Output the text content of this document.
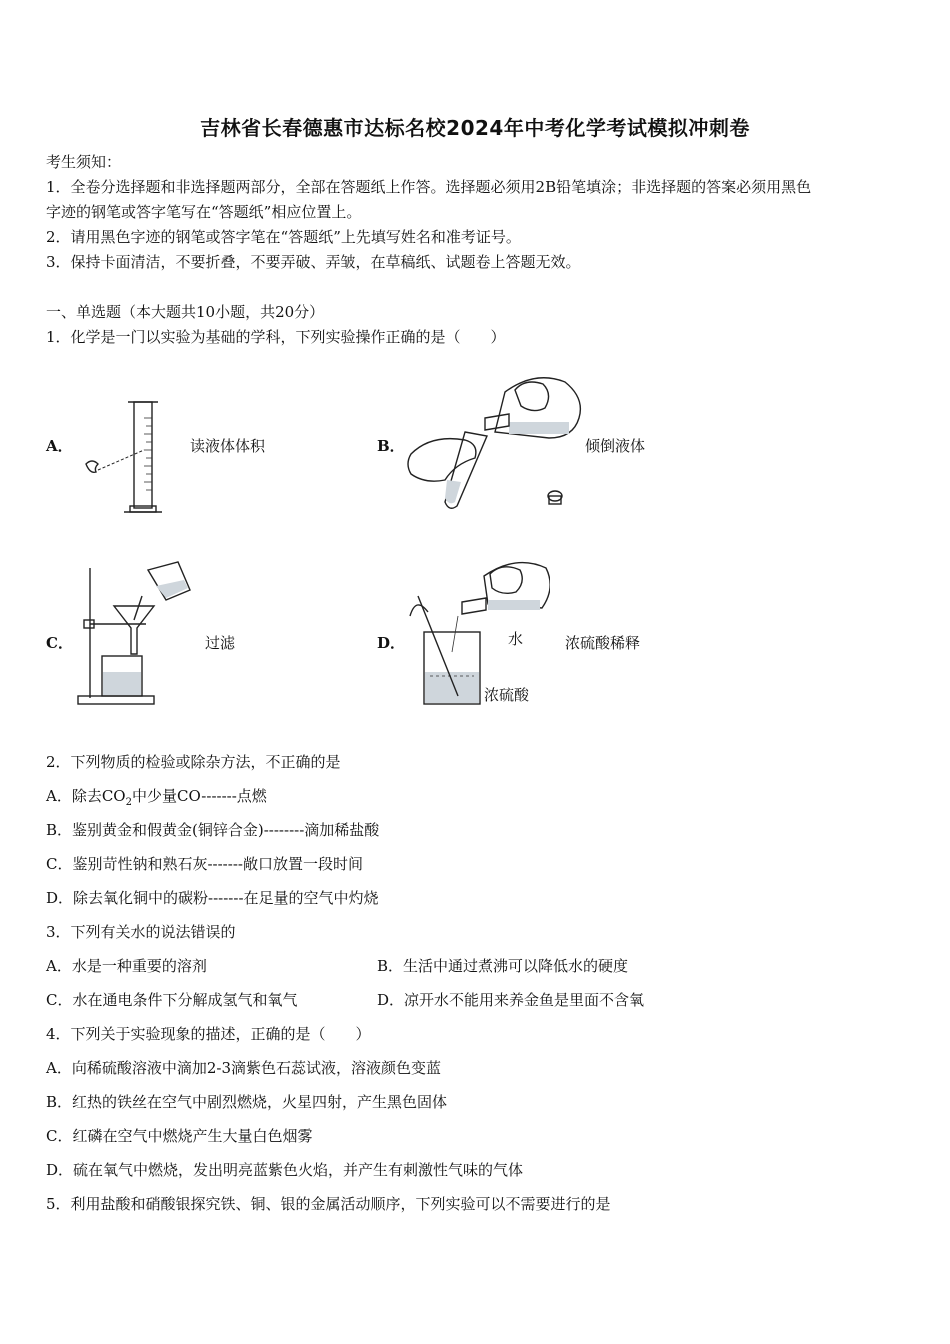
吉林省长春德惠市达标名校2024年中考化学考试模拟冲刺卷
考生须知：
1．全卷分选择题和非选择题两部分，全部在答题纸上作答。选择题必须用2B铅笔填涂；非选择题的答案必须用黑色
字迹的钢笔或答字笔写在“答题纸”相应位置上。
2．请用黑色字迹的钢笔或答字笔在“答题纸”上先填写姓名和准考证号。
3．保持卡面清洁，不要折叠，不要弄破、弄皱，在草稿纸、试题卷上答题无效。
一、单选题（本大题共10小题，共20分）
1．化学是一门以实验为基础的学科，下列实验操作正确的是（　　）
A．	读液体体积	B．	倾倒液体
C．	过滤	D．	水
浓硫酸
浓硫酸稀释
2．下列物质的检验或除杂方法，不正确的是
A．除去$CO_2$中少量CO-------点燃
B．鉴别黄金和假黄金(铜锌合金)--------滴加稀盐酸
C．鉴别苛性钠和熟石灰-------敞口放置一段时间
D．除去氧化铜中的碳粉-------在足量的空气中灼烧
3．下列有关水的说法错误的
A．水是一种重要的溶剂	B．生活中通过煮沸可以降低水的硬度
C．水在通电条件下分解成氢气和氧气	D．凉开水不能用来养金鱼是里面不含氧
4．下列关于实验现象的描述，正确的是（　　）
A．向稀硫酸溶液中滴加2-3滴紫色石蕊试液，溶液颜色变蓝
B．红热的铁丝在空气中剧烈燃烧，火星四射，产生黑色固体
C．红磷在空气中燃烧产生大量白色烟雾
D．硫在氧气中燃烧，发出明亮蓝紫色火焰，并产生有刺激性气味的气体
5．利用盐酸和硝酸银探究铁、铜、银的金属活动顺序，下列实验可以不需要进行的是
